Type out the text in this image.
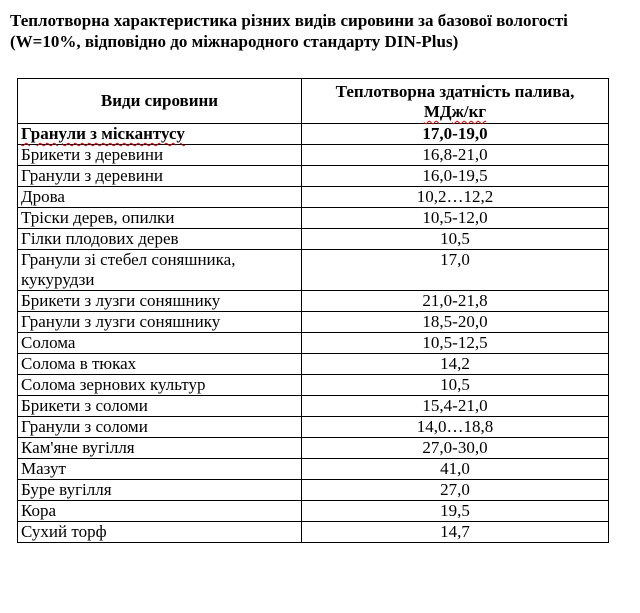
Теплотворна характеристика різних видів сировини за базової вологості (W=10%, відповідно до міжнародного стандарту DIN-Plus)

Види сировини	Теплотворна здатність палива,
МДж/кг
Гранули з міскантусу	17,0-19,0
Брикети з деревини	16,8-21,0
Гранули з деревини	16,0-19,5
Дрова	10,2…12,2
Тріски дерев, опилки	10,5-12,0
Гілки плодових дерев	10,5
Гранули зі стебел соняшника, кукурудзи	17,0
Брикети з лузги соняшнику	21,0-21,8
Гранули з лузги соняшнику	18,5-20,0
Солома	10,5-12,5
Солома в тюках	14,2
Солома зернових культур	10,5
Брикети з соломи	15,4-21,0
Гранули з соломи	14,0…18,8
Кам'яне вугілля	27,0-30,0
Мазут	41,0
Буре вугілля	27,0
Кора	19,5
Сухий торф	14,7
